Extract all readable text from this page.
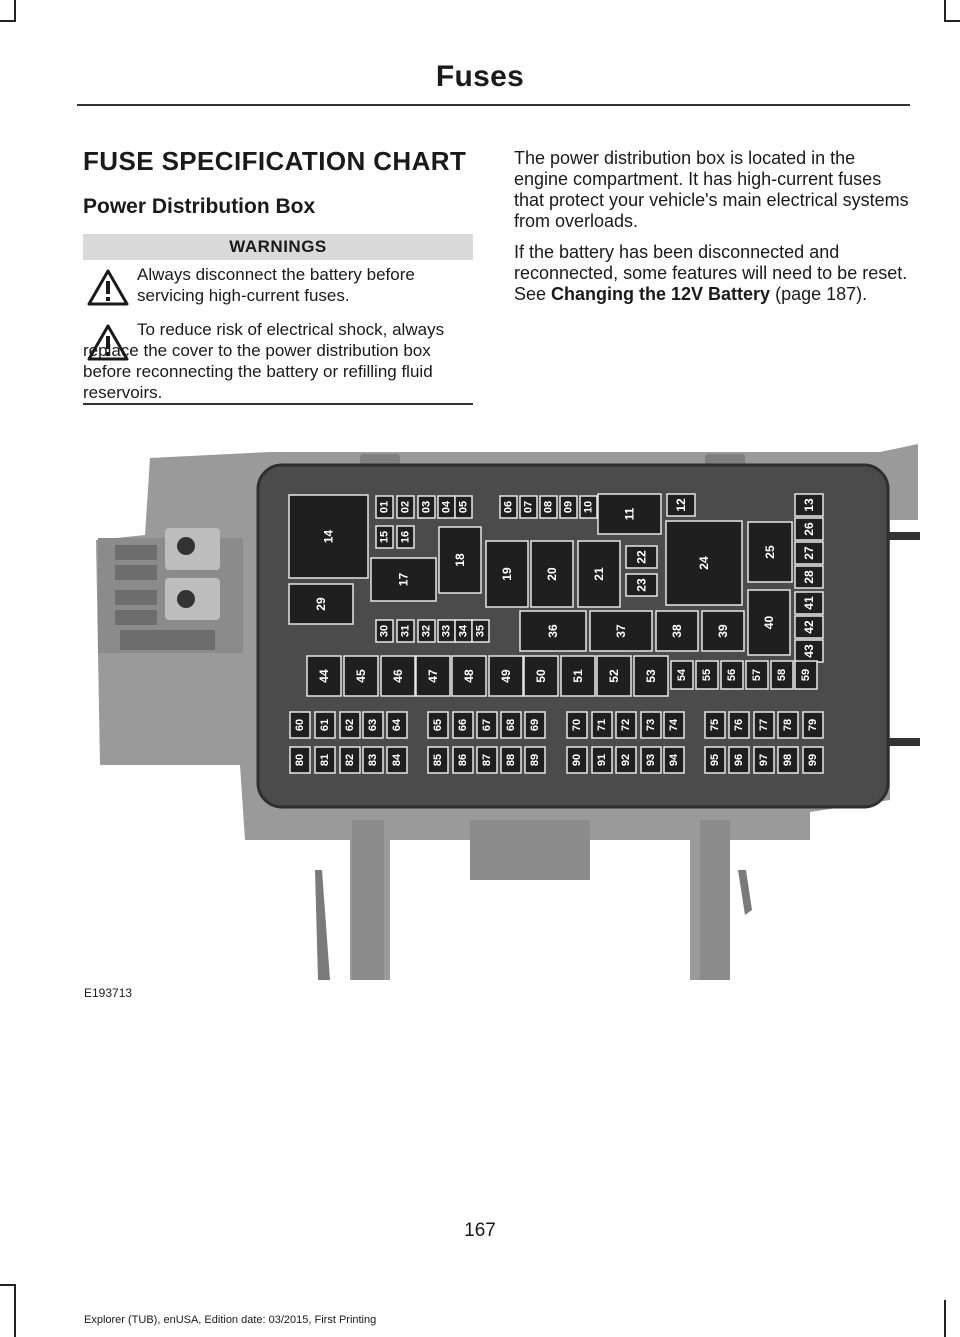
Fuses
FUSE SPECIFICATION CHART
Power Distribution Box
WARNINGS
Always disconnect the battery before servicing high-current fuses.
To reduce risk of electrical shock, always replace the cover to the power distribution box before reconnecting the battery or refilling fluid reservoirs.

The power distribution box is located in the engine compartment. It has high-current fuses that protect your vehicle's main electrical systems from overloads.

If the battery has been disconnected and reconnected, some features will need to be reset. See Changing the 12V Battery (page 187).

01 02 03 04 05	06 07 08 09 10
11
12	13
14	15 16
17
18
19	20	21
22
23
24
25
26
27
28
29
30 31 32 33 34 35	36	37	38	39
40
41
42
43
44 45 46 47 48 49 50 51 52 53 54 55 56 57 58 59
60 61 62 63 64	65 66 67 68 69	70 71 72 73 74	75 76 77 78 79
80 81 82 83 84	85 86 87 88 89	90 91 92 93 94	95 96 97 98 99
E193713
167
Explorer (TUB), enUSA, Edition date: 03/2015, First Printing
